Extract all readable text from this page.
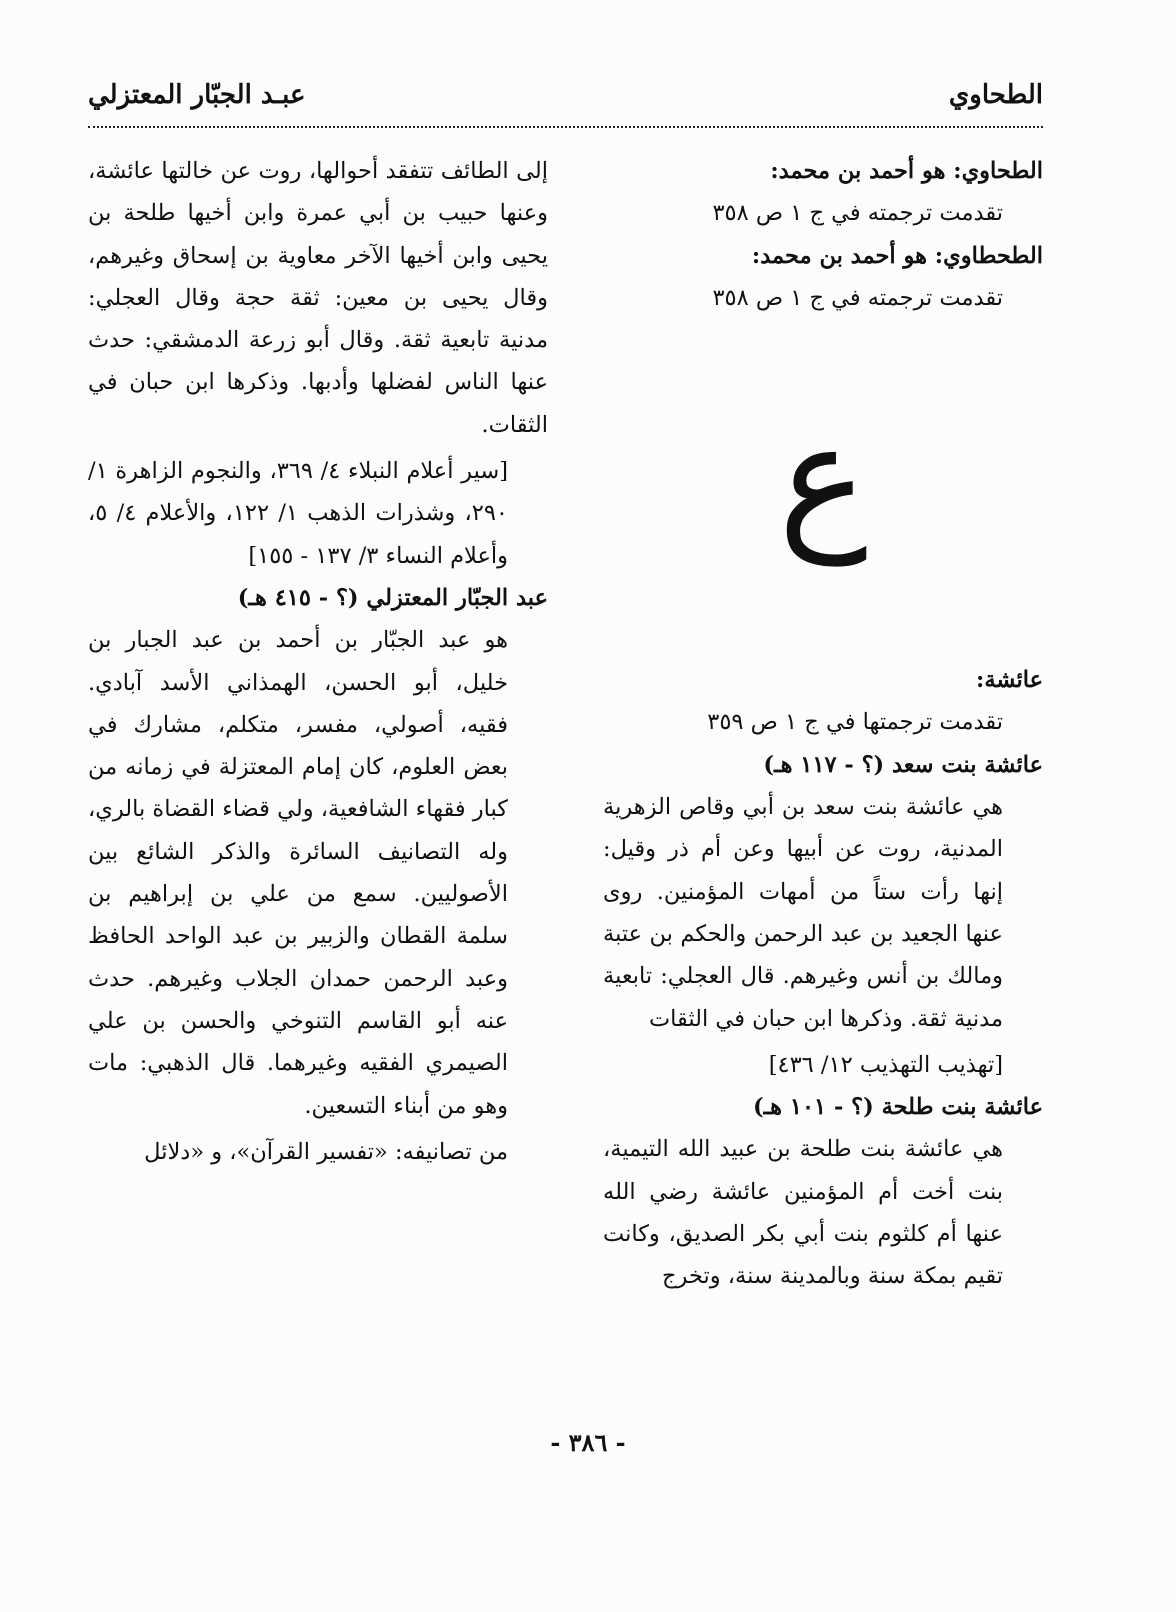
الطحاوي
عبـد الجبّار المعتزلي

الطحاوي: هو أحمد بن محمد:

تقدمت ترجمته في ج ١ ص ٣٥٨

الطحطاوي: هو أحمد بن محمد:

تقدمت ترجمته في ج ١ ص ٣٥٨

ع

عائشة:

تقدمت ترجمتها في ج ١ ص ٣٥٩

عائشة بنت سعد (؟ - ١١٧ هـ)

هي عائشة بنت سعد بن أبي وقاص الزهرية المدنية، روت عن أبيها وعن أم ذر وقيل: إنها رأت ستاً من أمهات المؤمنين. روى عنها الجعيد بن عبد الرحمن والحكم بن عتبة ومالك بن أنس وغيرهم. قال العجلي: تابعية مدنية ثقة. وذكرها ابن حبان في الثقات

[تهذيب التهذيب ١٢/ ٤٣٦]

عائشة بنت طلحة (؟ - ١٠١ هـ)

هي عائشة بنت طلحة بن عبيد الله التيمية، بنت أخت أم المؤمنين عائشة رضي الله عنها أم كلثوم بنت أبي بكر الصديق، وكانت تقيم بمكة سنة وبالمدينة سنة، وتخرج

إلى الطائف تتفقد أحوالها، روت عن خالتها عائشة، وعنها حبيب بن أبي عمرة وابن أخيها طلحة بن يحيى وابن أخيها الآخر معاوية بن إسحاق وغيرهم، وقال يحيى بن معين: ثقة حجة وقال العجلي: مدنية تابعية ثقة. وقال أبو زرعة الدمشقي: حدث عنها الناس لفضلها وأدبها. وذكرها ابن حبان في الثقات.

[سير أعلام النبلاء ٤/ ٣٦٩، والنجوم الزاهرة ١/ ٢٩٠، وشذرات الذهب ١/ ١٢٢، والأعلام ٤/ ٥، وأعلام النساء ٣/ ١٣٧ - ١٥٥]

عبد الجبّار المعتزلي (؟ - ٤١٥ هـ)

هو عبد الجبّار بن أحمد بن عبد الجبار بن خليل، أبو الحسن، الهمذاني الأسد آبادي. فقيه، أصولي، مفسر، متكلم، مشارك في بعض العلوم، كان إمام المعتزلة في زمانه من كبار فقهاء الشافعية، ولي قضاء القضاة بالري، وله التصانيف السائرة والذكر الشائع بين الأصوليين. سمع من علي بن إبراهيم بن سلمة القطان والزبير بن عبد الواحد الحافظ وعبد الرحمن حمدان الجلاب وغيرهم. حدث عنه أبو القاسم التنوخي والحسن بن علي الصيمري الفقيه وغيرهما. قال الذهبي: مات وهو من أبناء التسعين.

من تصانيفه: «تفسير القرآن»، و «دلائل

- ٣٨٦ -
